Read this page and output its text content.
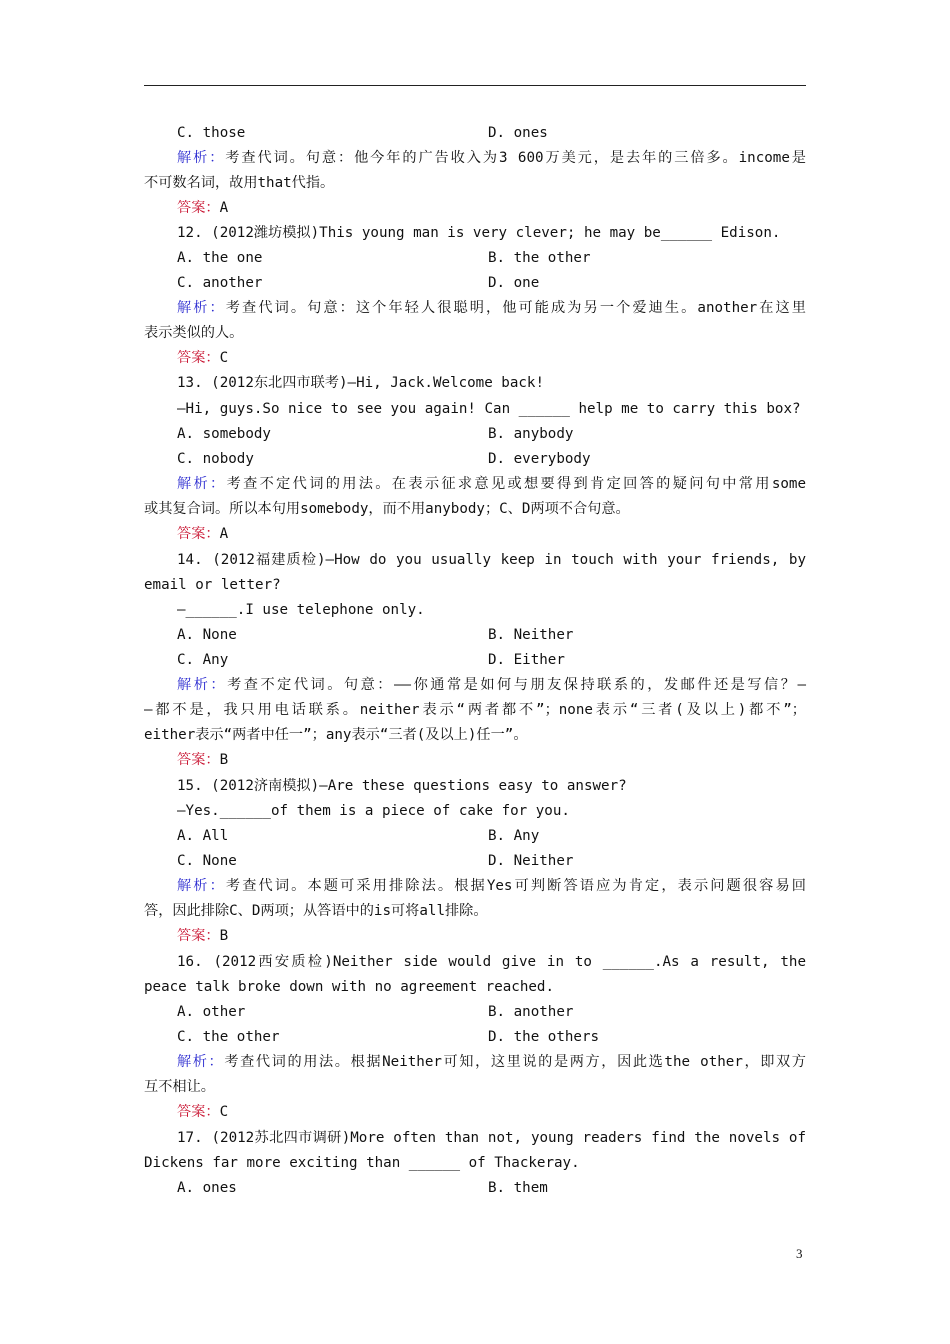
C. those	D. ones
解析：考查代词。句意：他今年的广告收入为3 600万美元，是去年的三倍多。income是
不可数名词，故用that代指。
答案：A
12. (2012潍坊模拟)This young man is very clever; he may be______ Edison.
A. the one	B. the other
C. another	D. one
解析：考查代词。句意：这个年轻人很聪明，他可能成为另一个爱迪生。another在这里
表示类似的人。
答案：C
13. (2012东北四市联考)—Hi, Jack.Welcome back!
—Hi, guys.So nice to see you again! Can ______ help me to carry this box?
A. somebody	B. anybody
C. nobody	D. everybody
解析：考查不定代词的用法。在表示征求意见或想要得到肯定回答的疑问句中常用some
或其复合词。所以本句用somebody，而不用anybody；C、D两项不合句意。
答案：A
14. (2012福建质检)—How do you usually keep in touch with your friends, by
email or letter?
—______.I use telephone only.
A. None	B. Neither
C. Any	D. Either
解析：考查不定代词。句意：——你通常是如何与朋友保持联系的，发邮件还是写信？—
—都不是，我只用电话联系。neither表示“两者都不”；none表示“三者(及以上)都不”；
either表示“两者中任一”；any表示“三者(及以上)任一”。
答案：B
15. (2012济南模拟)—Are these questions easy to answer?
—Yes.______of them is a piece of cake for you.
A. All	B. Any
C. None	D. Neither
解析：考查代词。本题可采用排除法。根据Yes可判断答语应为肯定，表示问题很容易回
答，因此排除C、D两项；从答语中的is可将all排除。
答案：B
16. (2012西安质检)Neither side would give in to ______.As a result, the
peace talk broke down with no agreement reached.
A. other	B. another
C. the other	D. the others
解析：考查代词的用法。根据Neither可知，这里说的是两方，因此选the other，即双方
互不相让。
答案：C
17. (2012苏北四市调研)More often than not, young readers find the novels of
Dickens far more exciting than ______ of Thackeray.
A. ones	B. them
3
